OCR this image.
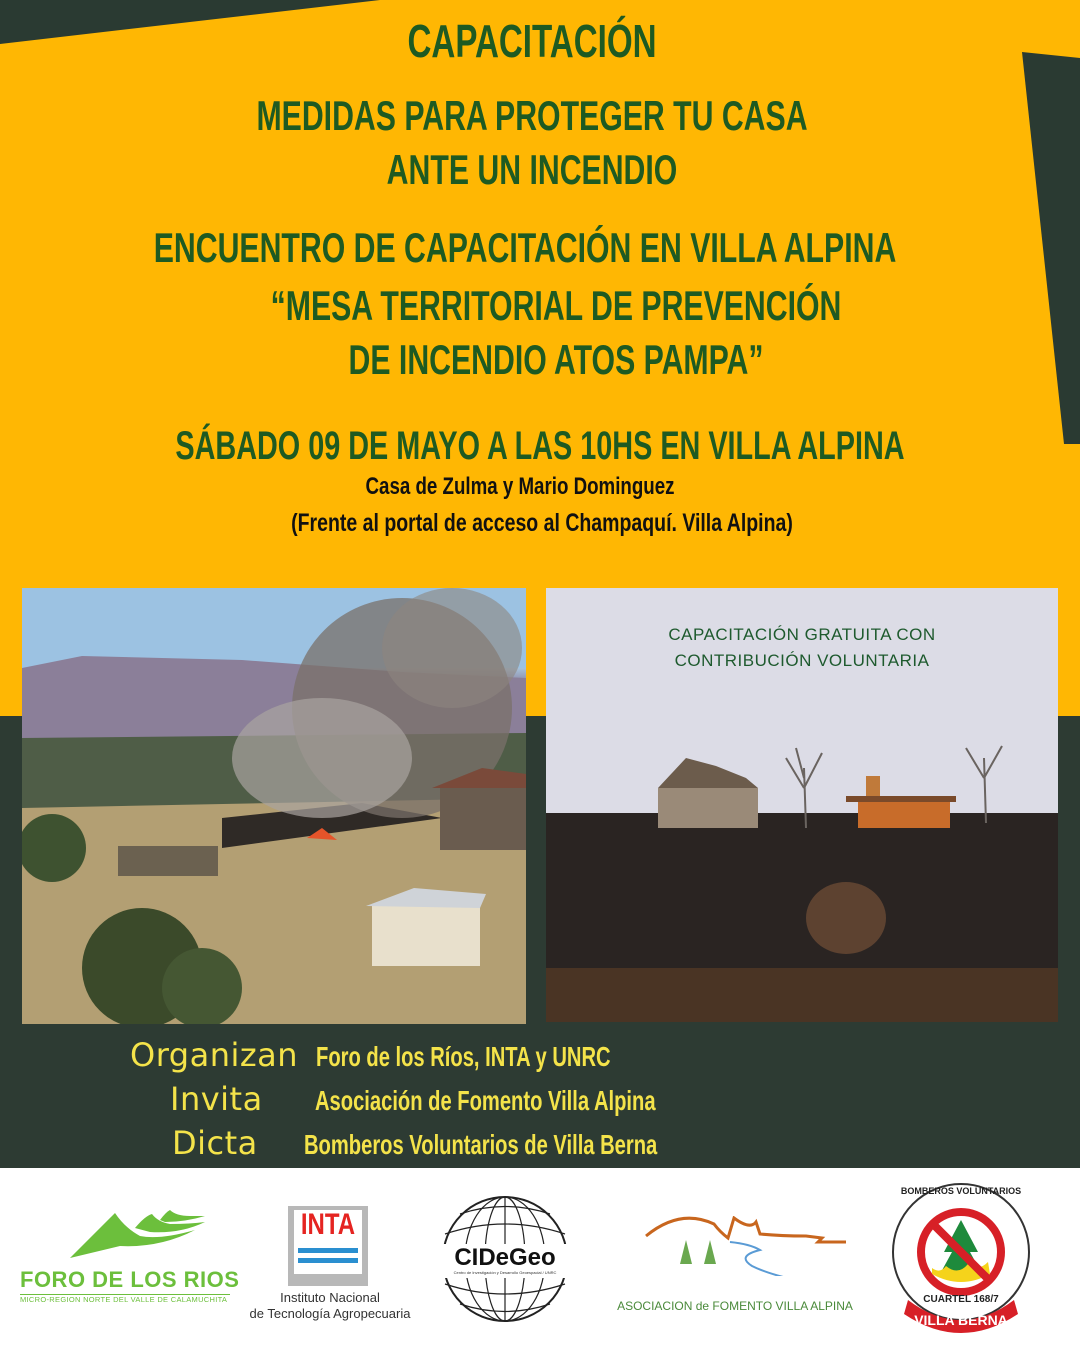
CAPACITACIÓN
MEDIDAS PARA PROTEGER TU CASA
ANTE UN INCENDIO
ENCUENTRO DE CAPACITACIÓN EN VILLA ALPINA
“MESA TERRITORIAL DE PREVENCIÓN
DE INCENDIO ATOS PAMPA”
SÁBADO 09 DE MAYO A LAS 10HS EN VILLA ALPINA
Casa de Zulma y Mario Dominguez
(Frente al portal de acceso al Champaquí. Villa Alpina)
CAPACITACIÓN GRATUITA CON
CONTRIBUCIÓN VOLUNTARIA
Organizan Foro de los Ríos, INTA y UNRC
Invita Asociación de Fomento Villa Alpina
Dicta Bomberos Voluntarios de Villa Berna
FORO DE LOS RIOS
MICRO-REGION NORTE DEL VALLE DE CALAMUCHITA
INTA
Instituto Nacional
de Tecnología Agropecuaria
CIDeGeo
Centro de Investigación y Desarrollo Geoespacial / UNRC
ASOCIACION de FOMENTO VILLA ALPINA
BOMBEROS VOLUNTARIOS
CUARTEL 168/7
VILLA BERNA
